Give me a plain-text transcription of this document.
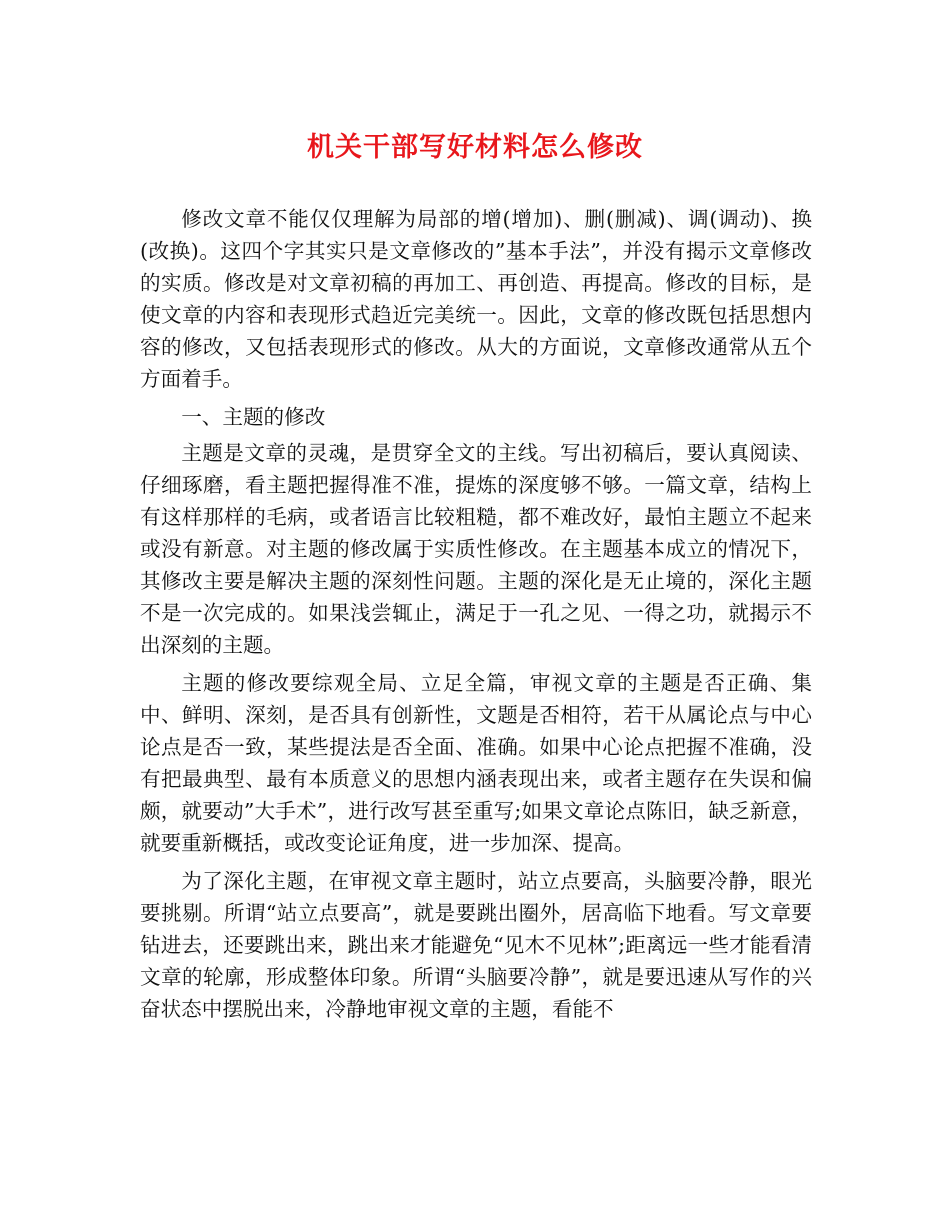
机关干部写好材料怎么修改

修改文章不能仅仅理解为局部的增(增加)、删(删减)、调(调动)、换(改换)。这四个字其实只是文章修改的”基本手法”，并没有揭示文章修改的实质。修改是对文章初稿的再加工、再创造、再提高。修改的目标，是使文章的内容和表现形式趋近完美统一。因此，文章的修改既包括思想内容的修改，又包括表现形式的修改。从大的方面说，文章修改通常从五个方面着手。

一、主题的修改

主题是文章的灵魂，是贯穿全文的主线。写出初稿后，要认真阅读、仔细琢磨，看主题把握得准不准，提炼的深度够不够。一篇文章，结构上有这样那样的毛病，或者语言比较粗糙，都不难改好，最怕主题立不起来或没有新意。对主题的修改属于实质性修改。在主题基本成立的情况下，其修改主要是解决主题的深刻性问题。主题的深化是无止境的，深化主题不是一次完成的。如果浅尝辄止，满足于一孔之见、一得之功，就揭示不出深刻的主题。

主题的修改要综观全局、立足全篇，审视文章的主题是否正确、集中、鲜明、深刻，是否具有创新性，文题是否相符，若干从属论点与中心论点是否一致，某些提法是否全面、准确。如果中心论点把握不准确，没有把最典型、最有本质意义的思想内涵表现出来，或者主题存在失误和偏颇，就要动”大手术”，进行改写甚至重写;如果文章论点陈旧，缺乏新意，就要重新概括，或改变论证角度，进一步加深、提高。

为了深化主题，在审视文章主题时，站立点要高，头脑要冷静，眼光要挑剔。所谓“站立点要高”，就是要跳出圈外，居高临下地看。写文章要钻进去，还要跳出来，跳出来才能避免“见木不见林”;距离远一些才能看清文章的轮廓，形成整体印象。所谓“头脑要冷静”，就是要迅速从写作的兴奋状态中摆脱出来，冷静地审视文章的主题，看能不
